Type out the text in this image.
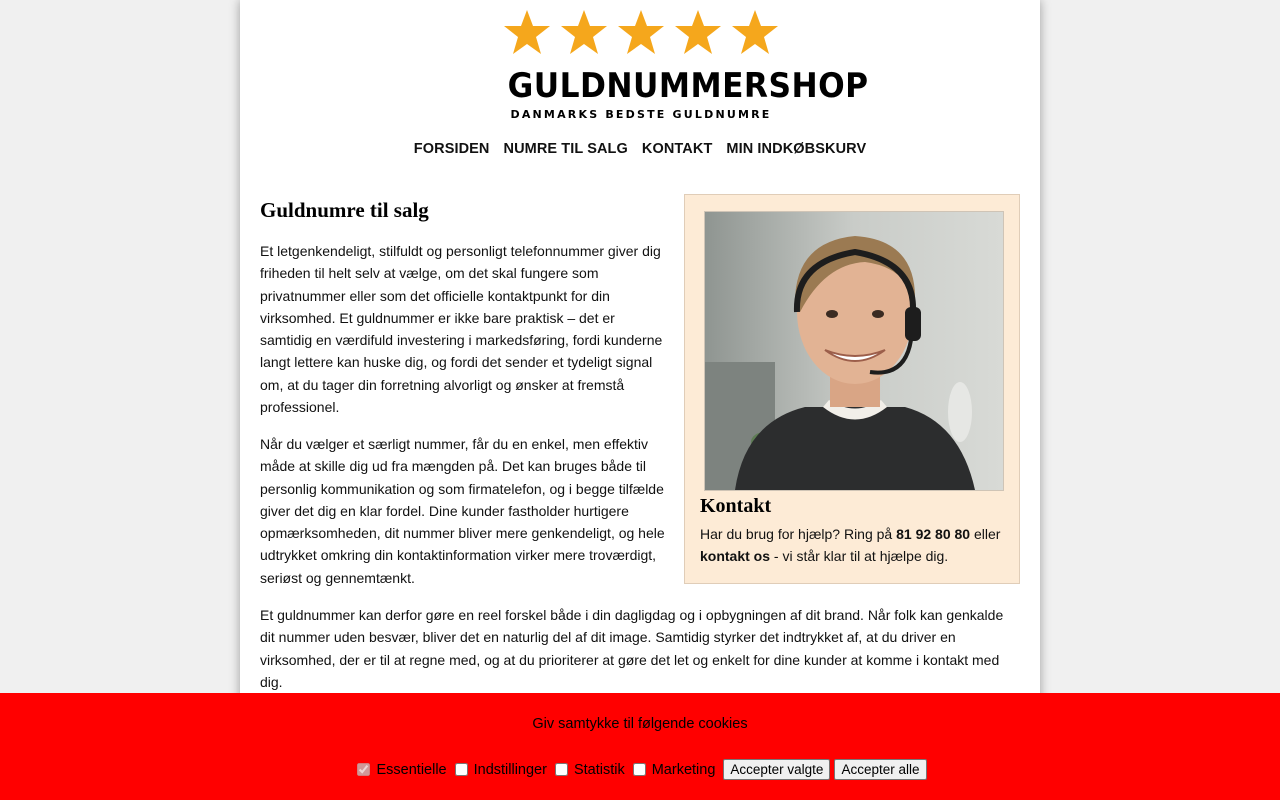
GULDNUMMERSHOP
DANMARKS BEDSTE GULDNUMRE
FORSIDEN NUMRE TIL SALG KONTAKT MIN INDKØBSKURV
Guldnumre til salg

Et letgenkendeligt, stilfuldt og personligt telefonnummer giver dig friheden til helt selv at vælge, om det skal fungere som privatnummer eller som det officielle kontaktpunkt for din virksomhed. Et guldnummer er ikke bare praktisk – det er samtidig en værdifuld investering i markedsføring, fordi kunderne langt lettere kan huske dig, og fordi det sender et tydeligt signal om, at du tager din forretning alvorligt og ønsker at fremstå professionel.

Når du vælger et særligt nummer, får du en enkel, men effektiv måde at skille dig ud fra mængden på. Det kan bruges både til personlig kommunikation og som firmatelefon, og i begge tilfælde giver det dig en klar fordel. Dine kunder fastholder hurtigere opmærksomheden, dit nummer bliver mere genkendeligt, og hele udtrykket omkring din kontaktinformation virker mere troværdigt, seriøst og gennemtænkt.

Et guldnummer kan derfor gøre en reel forskel både i din dagligdag og i opbygningen af dit brand. Når folk kan genkalde dit nummer uden besvær, bliver det en naturlig del af dit image. Samtidig styrker det indtrykket af, at du driver en virksomhed, der er til at regne med, og at du prioriterer at gøre det let og enkelt for dine kunder at komme i kontakt med dig.

Kontakt

Har du brug for hjælp? Ring på 81 92 80 80 eller kontakt os - vi står klar til at hjælpe dig.

Giv samtykke til følgende cookies
Essentielle Indstillinger Statistik Marketing	Accepter valgte	Accepter alle
